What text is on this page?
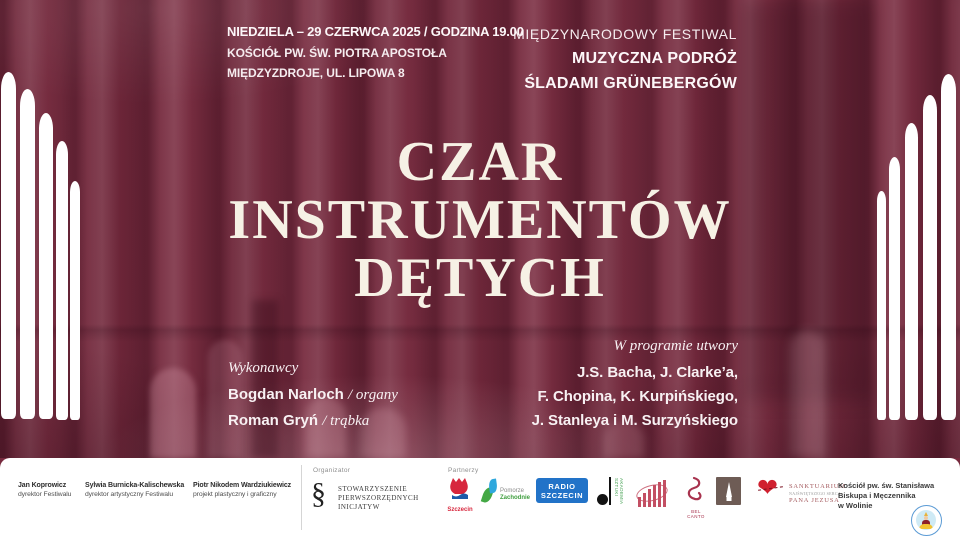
NIEDZIELA – 29 CZERWCA 2025 / GODZINA 19.00
KOŚCIÓŁ PW. ŚW. PIOTRA APOSTOŁA
MIĘDZYZDROJE, UL. LIPOWA 8
MIĘDZYNARODOWY FESTIWAL
MUZYCZNA PODRÓŻ
ŚLADAMI GRÜNEBERGÓW
CZAR
INSTRUMENTÓW
DĘTYCH
Wykonawcy
Bogdan Narloch / organy
Roman Gryń / trąbka
W programie utwory
J.S. Bacha, J. Clarke’a,
F. Chopina, K. Kurpińskiego,
J. Stanleya i M. Surzyńskiego
Jan Koprowicz
dyrektor Festiwalu
Sylwia Burnicka-Kalischewska
dyrektor artystyczny Festiwalu
Piotr Nikodem Wardziukiewicz
projekt plastyczny i graficzny
Organizator
§ STOWARZYSZENIE
PIERWSZORZĘDNYCH
INICJATYW
Partnerzy
Szczecin
Pomorze
Zachodnie
RADIO
SZCZECIN	AKADEMIA SZTUKI
BEL CANTO
❤	SANKTUARIUM
NAJŚWIĘTSZEGO SERCA
PANA JEZUSA
Kościół pw. św. Stanisława
Biskupa i Męczennika
w Wolinie
